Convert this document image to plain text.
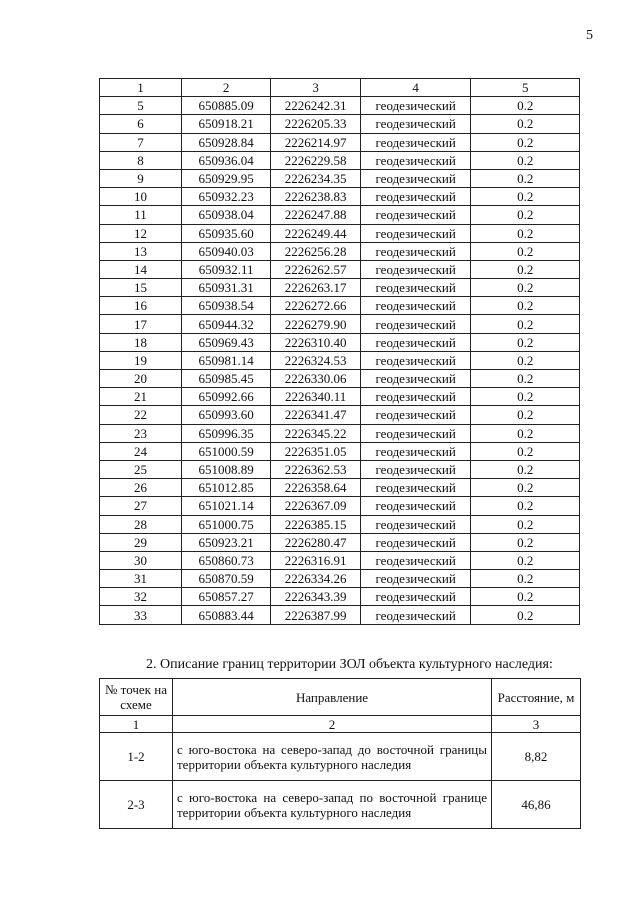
5
1	2	3	4	5
5	650885.09	2226242.31	геодезический	0.2
6	650918.21	2226205.33	геодезический	0.2
7	650928.84	2226214.97	геодезический	0.2
8	650936.04	2226229.58	геодезический	0.2
9	650929.95	2226234.35	геодезический	0.2
10	650932.23	2226238.83	геодезический	0.2
11	650938.04	2226247.88	геодезический	0.2
12	650935.60	2226249.44	геодезический	0.2
13	650940.03	2226256.28	геодезический	0.2
14	650932.11	2226262.57	геодезический	0.2
15	650931.31	2226263.17	геодезический	0.2
16	650938.54	2226272.66	геодезический	0.2
17	650944.32	2226279.90	геодезический	0.2
18	650969.43	2226310.40	геодезический	0.2
19	650981.14	2226324.53	геодезический	0.2
20	650985.45	2226330.06	геодезический	0.2
21	650992.66	2226340.11	геодезический	0.2
22	650993.60	2226341.47	геодезический	0.2
23	650996.35	2226345.22	геодезический	0.2
24	651000.59	2226351.05	геодезический	0.2
25	651008.89	2226362.53	геодезический	0.2
26	651012.85	2226358.64	геодезический	0.2
27	651021.14	2226367.09	геодезический	0.2
28	651000.75	2226385.15	геодезический	0.2
29	650923.21	2226280.47	геодезический	0.2
30	650860.73	2226316.91	геодезический	0.2
31	650870.59	2226334.26	геодезический	0.2
32	650857.27	2226343.39	геодезический	0.2
33	650883.44	2226387.99	геодезический	0.2
2. Описание границ территории ЗОЛ объекта культурного наследия:
№ точек на схеме	Направление	Расстояние, м
1	2	3
1-2	с юго-востока на северо-запад до восточной границы территории объекта культурного наследия	8,82
2-3	с юго-востока на северо-запад по восточной границе территории объекта культурного наследия	46,86
